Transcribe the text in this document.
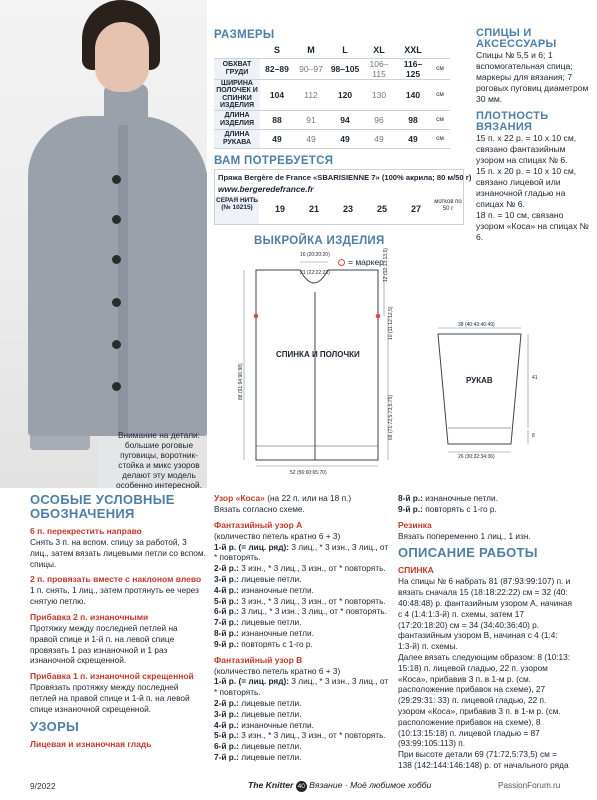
Внимание на детали: большие роговые пуговицы, воротник-стойка и микс узоров делают эту модель особенно интересной.
РАЗМЕРЫ
	S	M	L	XL	XXL	
ОБХВАТ ГРУДИ	82–89	90–97	98–105	106–115	116–125	см
ШИРИНА ПОЛОЧЕК И СПИНКИ ИЗДЕЛИЯ	104	112	120	130	140	см
ДЛИНА ИЗДЕЛИЯ	88	91	94	96	98	см
ДЛИНА РУКАВА	49	49	49	49	49	см
ВАМ ПОТРЕБУЕТСЯ
Пряжа Bergère de France «SBARISIENNE 7» (100% акрила; 80 м/50 г)
www.bergeredefrance.fr
СЕРАЯ НИТЬ (№ 10215)	19	21	23	25	27
мотков по 50 г
СПИЦЫ И АКСЕССУАРЫ

Спицы № 5,5 и 6; 1 вспомогательная спица; маркеры для вязания; 7 роговых пуговиц диаметром 30 мм.

ПЛОТНОСТЬ ВЯЗАНИЯ

15 п. х 22 р. = 10 х 10 см, связано фантазийным узором на спицах № 6.

15 п. х 20 р. = 10 х 10 см, связано лицевой или изнаночной гладью на спицах № 6.

18 п. = 10 см, связано узором «Коса» на спицах № 6.

ВЫКРОЙКА ИЗДЕЛИЯ
= маркер
СПИНКА И ПОЛОЧКИ
РУКАВ
16 (20:20:20)
21 (22:22:23)	12 (12:13:13,5)
10 (11:12:12,5)
69 (71:72,5:73,5:75)
88 (91:94:96:98)
52 (56:60:65:70)
38 (40:43:46:49)
41
8
26 (30:32:34:36)
ОСОБЫЕ УСЛОВНЫЕ ОБОЗНАЧЕНИЯ
6 п. перекрестить направо
Снять 3 п. на вспом. спицу за работой, 3 лиц., затем вязать лицевыми петли со вспом. спицы.
2 п. провязать вместе с наклоном влево
1 п. снять, 1 лиц., затем протянуть ее через снятую петлю.
Прибавка 2 п. изнаночными
Протяжку между последней петлей на правой спице и 1-й п. на левой спице провязать 1 раз изнаночной и 1 раз изнаночной скрещенной.
Прибавка 1 п. изнаночной скрещенной
Провязать протяжку между последней петлей на правой спице и 1-й п. на левой спице изнаночной скрещенной.
УЗОРЫ
Лицевая и изнаночная гладь
Узор «Коса» (на 22 п. или на 18 п.)
Вязать согласно схеме.
Фантазийный узор А
(количество петель кратно 6 + 3)
1-й р. (= лиц. ряд): 3 лиц., * 3 изн., 3 лиц., от * повторять.
2-й р.: 3 изн., * 3 лиц., 3 изн., от * повторять.
3-й р.: лицевые петли.
4-й р.: изнаночные петли.
5-й р.: 3 изн., * 3 лиц., 3 изн., от * повторять.
6-й р.: 3 лиц., * 3 изн., 3 лиц., от * повторять.
7-й р.: лицевые петли.
8-й р.: изнаночные петли.
9-й р.: повторять с 1-го р.
Фантазийный узор В
(количество петель кратно 6 + 3)
1-й р. (= лиц. ряд): 3 лиц., * 3 изн., 3 лиц., от * повторять.
2-й р.: лицевые петли.
3-й р.: лицевые петли.
4-й р.: изнаночные петли.
5-й р.: 3 изн., * 3 лиц., 3 изн., от * повторять.
6-й р.: лицевые петли.
7-й р.: лицевые петли.
8-й р.: изнаночные петли.
9-й р.: повторять с 1-го р.
Резинка
Вязать попеременно 1 лиц., 1 изн.
ОПИСАНИЕ РАБОТЫ
СПИНКА
На спицы № 6 набрать 81 (87:93:99:107) п. и вязать сначала 15 (18:18:22:22) см = 32 (40: 40:48:48) р. фантазийным узором А, начиная с 4 (1:4:1:3-й) п. схемы, затем 17 (17:20:18:20) см = 34 (34:40:36:40) р. фантазийным узором В, начиная с 4 (1:4: 1:3-й) п. схемы.
Далее вязать следующим образом: 8 (10:13: 15:18) п. лицевой гладью, 22 п. узором «Коса», прибавив 3 п. в 1-м р. (см. расположение прибавок на схеме), 27 (29:29:31: 33) п. лицевой гладью, 22 п. узором «Коса», прибавив 3 п. в 1-м р. (см. расположение прибавок на схеме), 8 (10:13:15:18) п. лицевой гладью = 87 (93:99:105:113) п.
При высоте детали 69 (71:72,5:73,5) см = 138 (142:144:146:148) р. от начального ряда
9/2022	The Knitter 40 Вязание · Моё любимое хобби	PassionForum.ru
